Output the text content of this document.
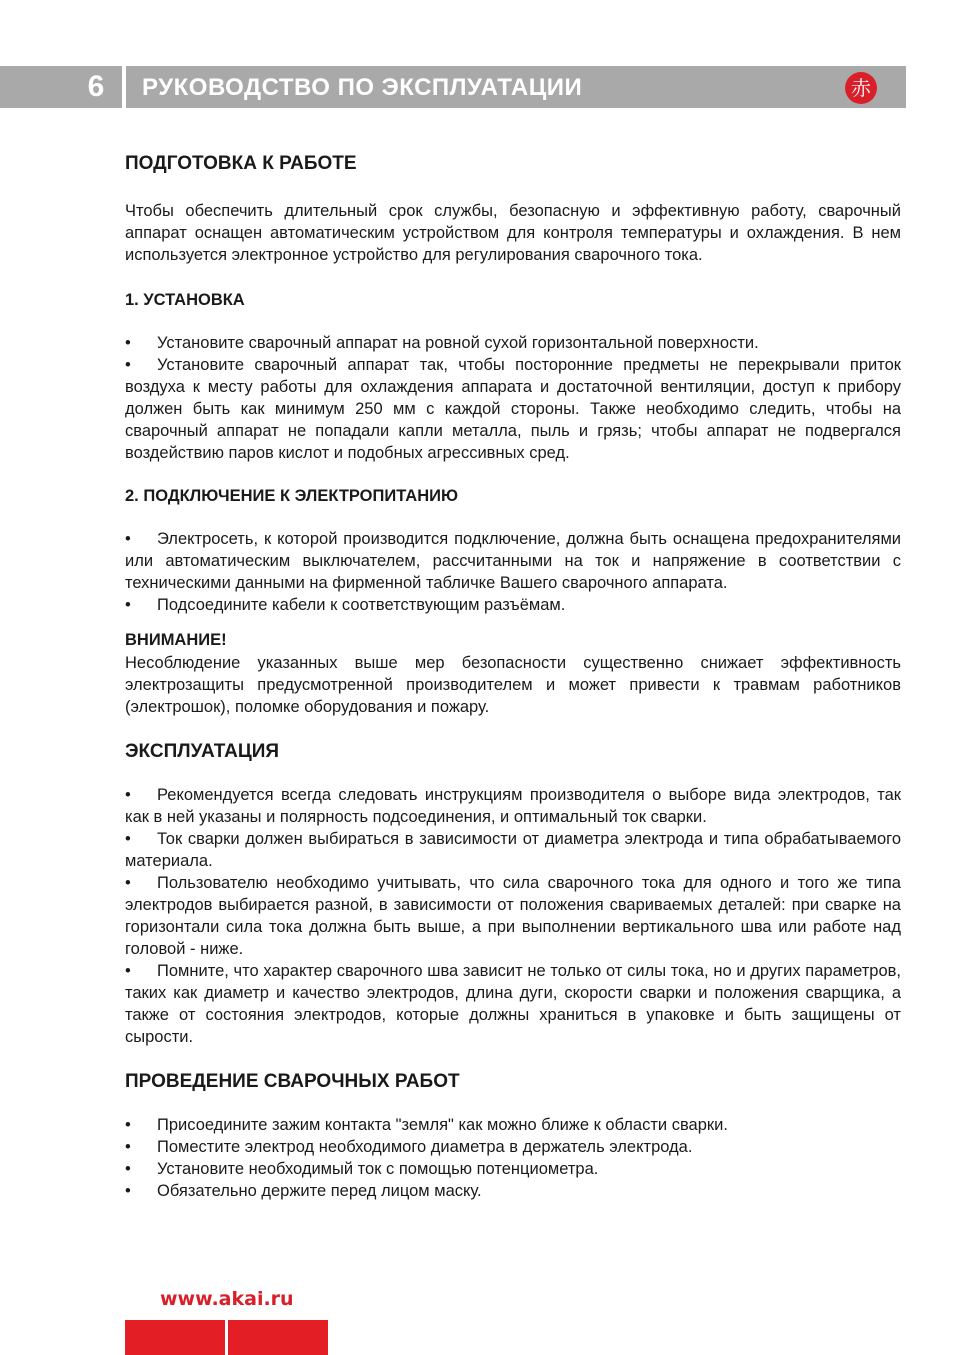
6	РУКОВОДСТВО ПО ЭКСПЛУАТАЦИИ	赤
ПОДГОТОВКА К РАБОТЕ

Чтобы обеспечить длительный срок службы, безопасную и эффективную работу, сварочный аппарат оснащен автоматическим устройством для контроля температуры и охлаждения. В нем используется электронное устройство для регулирования сварочного тока.

1. УСТАНОВКА

• Установите сварочный аппарат на ровной сухой горизонтальной поверхности.

• Установите сварочный аппарат так, чтобы посторонние предметы не перекрывали приток воздуха к месту работы для охлаждения аппарата и достаточной вентиляции, доступ к прибору должен быть как минимум 250 мм с каждой стороны. Также необходимо следить, чтобы на сварочный аппарат не попадали капли металла, пыль и грязь; чтобы аппарат не подвергался воздействию паров кислот и подобных агрессивных сред.

2. ПОДКЛЮЧЕНИЕ К ЭЛЕКТРОПИТАНИЮ

• Электросеть, к которой производится подключение, должна быть оснащена предохранителями или автоматическим выключателем, рассчитанными на ток и напряжение в соответствии с техническими данными на фирменной табличке Вашего сварочного аппарата.

• Подсоедините кабели к соответствующим разъёмам.

ВНИМАНИЕ!

Несоблюдение указанных выше мер безопасности существенно снижает эффективность электрозащиты предусмотренной производителем и может привести к травмам работников (электрошок), поломке оборудования и пожару.

ЭКСПЛУАТАЦИЯ

• Рекомендуется всегда следовать инструкциям производителя о выборе вида электродов, так как в ней указаны и полярность подсоединения, и оптимальный ток сварки.

• Ток сварки должен выбираться в зависимости от диаметра электрода и типа обрабатываемого материала.

• Пользователю необходимо учитывать, что сила сварочного тока для одного и того же типа электродов выбирается разной, в зависимости от положения свариваемых деталей: при сварке на горизонтали сила тока должна быть выше, а при выполнении вертикального шва или работе над головой - ниже.

• Помните, что характер сварочного шва зависит не только от силы тока, но и других параметров, таких как диаметр и качество электродов, длина дуги, скорости сварки и положения сварщика, а также от состояния электродов, которые должны храниться в упаковке и быть защищены от сырости.

ПРОВЕДЕНИЕ СВАРОЧНЫХ РАБОТ

• Присоедините зажим контакта "земля" как можно ближе к области сварки.

• Поместите электрод необходимого диаметра в держатель электрода.

• Установите необходимый ток с помощью потенциометра.

• Обязательно держите перед лицом маску.

www.akai.ru
